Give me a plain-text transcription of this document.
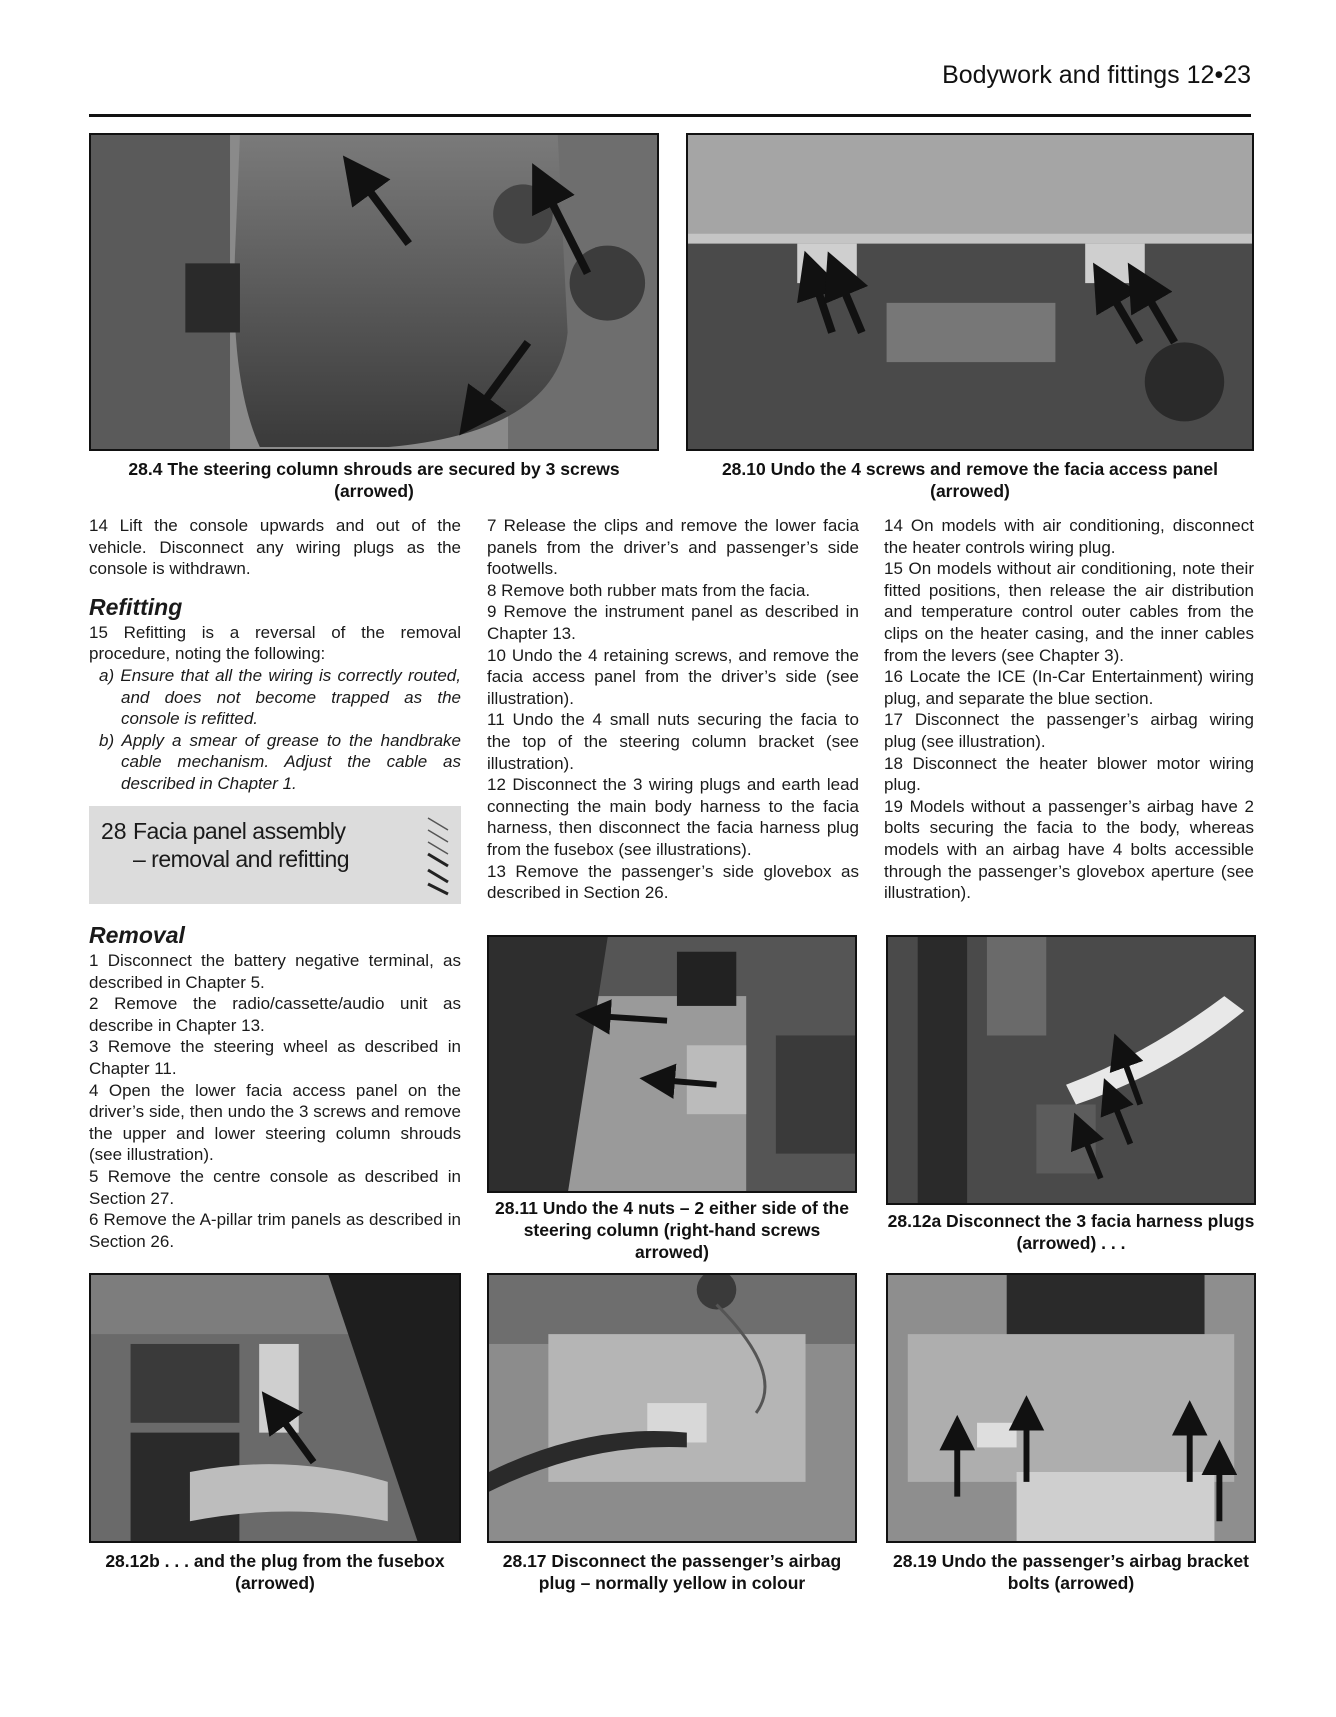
Bodywork and fittings 12•23
28.4 The steering column shrouds are secured by 3 screws (arrowed)
28.10 Undo the 4 screws and remove the facia access panel (arrowed)

14 Lift the console upwards and out of the vehicle. Disconnect any wiring plugs as the console is withdrawn.

Refitting

15 Refitting is a reversal of the removal procedure, noting the following:

a) Ensure that all the wiring is correctly routed, and does not become trapped as the console is refitted.

b) Apply a smear of grease to the handbrake cable mechanism. Adjust the cable as described in Chapter 1.

28 Facia panel assembly
– removal and refitting
Removal

1 Disconnect the battery negative terminal, as described in Chapter 5.

2 Remove the radio/cassette/audio unit as describe in Chapter 13.

3 Remove the steering wheel as described in Chapter 11.

4 Open the lower facia access panel on the driver’s side, then undo the 3 screws and remove the upper and lower steering column shrouds (see illustration).

5 Remove the centre console as described in Section 27.

6 Remove the A-pillar trim panels as described in Section 26.

7 Release the clips and remove the lower facia panels from the driver’s and passenger’s side footwells.

8 Remove both rubber mats from the facia.

9 Remove the instrument panel as described in Chapter 13.

10 Undo the 4 retaining screws, and remove the facia access panel from the driver’s side (see illustration).

11 Undo the 4 small nuts securing the facia to the top of the steering column bracket (see illustration).

12 Disconnect the 3 wiring plugs and earth lead connecting the main body harness to the facia harness, then disconnect the facia harness plug from the fusebox (see illustrations).

13 Remove the passenger’s side glovebox as described in Section 26.

14 On models with air conditioning, disconnect the heater controls wiring plug.

15 On models without air conditioning, note their fitted positions, then release the air distribution and temperature control outer cables from the clips on the heater casing, and the inner cables from the levers (see Chapter 3).

16 Locate the ICE (In-Car Entertainment) wiring plug, and separate the blue section.

17 Disconnect the passenger’s airbag wiring plug (see illustration).

18 Disconnect the heater blower motor wiring plug.

19 Models without a passenger’s airbag have 2 bolts securing the facia to the body, whereas models with an airbag have 4 bolts accessible through the passenger’s glovebox aperture (see illustration).

28.11 Undo the 4 nuts – 2 either side of the steering column (right-hand screws arrowed)
28.12a Disconnect the 3 facia harness plugs (arrowed) . . .
28.12b . . . and the plug from the fusebox (arrowed)
28.17 Disconnect the passenger’s airbag plug – normally yellow in colour
28.19 Undo the passenger’s airbag bracket bolts (arrowed)
